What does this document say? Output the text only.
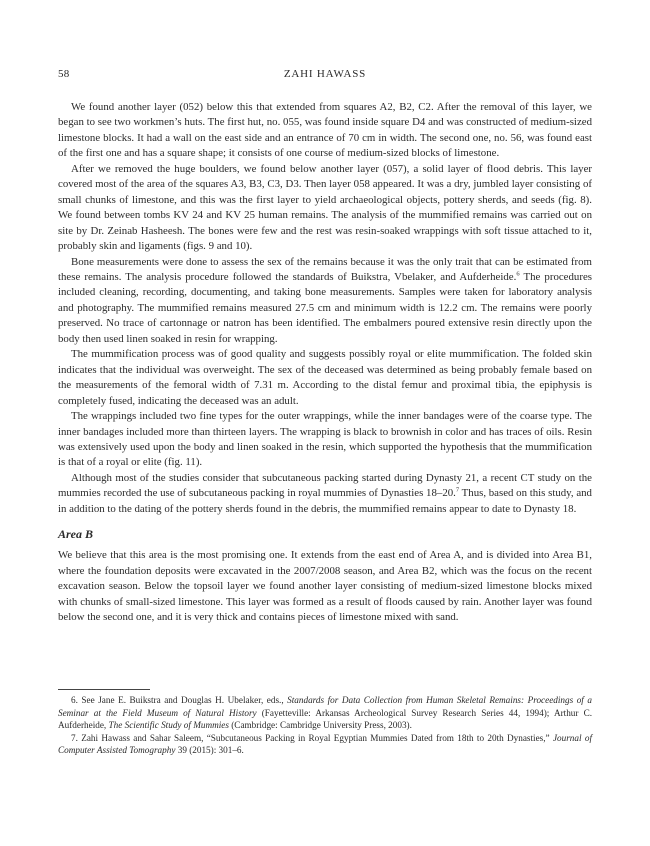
58	ZAHI HAWASS

We found another layer (052) below this that extended from squares A2, B2, C2. After the removal of this layer, we began to see two workmen’s huts. The first hut, no. 055, was found inside square D4 and was constructed of medium-sized limestone blocks. It had a wall on the east side and an entrance of 70 cm in width. The second one, no. 56, was found east of the first one and has a square shape; it consists of one course of medium-sized blocks of limestone.

After we removed the huge boulders, we found below another layer (057), a solid layer of flood debris. This layer covered most of the area of the squares A3, B3, C3, D3. Then layer 058 appeared. It was a dry, jumbled layer consisting of small chunks of limestone, and this was the first layer to yield archaeological objects, pottery sherds, and seeds (fig. 8). We found between tombs KV 24 and KV 25 human remains. The analysis of the mummified remains was carried out on site by Dr. Zeinab Hasheesh. The bones were few and the rest was resin-soaked wrappings with soft tissue attached to it, probably skin and ligaments (figs. 9 and 10).

Bone measurements were done to assess the sex of the remains because it was the only trait that can be estimated from these remains. The analysis procedure followed the standards of Buikstra, Vbelaker, and Aufderheide.$^6$ The procedures included cleaning, recording, documenting, and taking bone measurements. Samples were taken for laboratory analysis and photography. The mummified remains measured 27.5 cm and minimum width is 12.2 cm. The remains were poorly preserved. No trace of cartonnage or natron has been identified. The embalmers poured extensive resin directly upon the body then used linen soaked in resin for wrapping.

The mummification process was of good quality and suggests possibly royal or elite mummification. The folded skin indicates that the individual was overweight. The sex of the deceased was determined as being probably female based on the measurements of the femoral width of 7.31 m. According to the distal femur and proximal tibia, the epiphysis is completely fused, indicating the deceased was an adult.

The wrappings included two fine types for the outer wrappings, while the inner bandages were of the coarse type. The inner bandages included more than thirteen layers. The wrapping is black to brownish in color and has traces of oils. Resin was extensively used upon the body and linen soaked in the resin, which supported the hypothesis that the mummification is that of a royal or elite (fig. 11).

Although most of the studies consider that subcutaneous packing started during Dynasty 21, a recent CT study on the mummies recorded the use of subcutaneous packing in royal mummies of Dynasties 18–20.$^7$ Thus, based on this study, and in addition to the dating of the pottery sherds found in the debris, the mummified remains appear to date to Dynasty 18.

Area B

We believe that this area is the most promising one. It extends from the east end of Area A, and is divided into Area B1, where the foundation deposits were excavated in the 2007/2008 season, and Area B2, which was the focus on the recent excavation season. Below the topsoil layer we found another layer consisting of medium-sized limestone blocks mixed with chunks of small-sized limestone. This layer was formed as a result of floods caused by rain. Another layer was found below the second one, and it is very thick and contains pieces of limestone mixed with sand.

6. See Jane E. Buikstra and Douglas H. Ubelaker, eds., Standards for Data Collection from Human Skeletal Remains: Proceedings of a Seminar at the Field Museum of Natural History (Fayetteville: Arkansas Archeological Survey Research Series 44, 1994); Arthur C. Aufderheide, The Scientific Study of Mummies (Cambridge: Cambridge University Press, 2003).

7. Zahi Hawass and Sahar Saleem, “Subcutaneous Packing in Royal Egyptian Mummies Dated from 18th to 20th Dynasties,” Journal of Computer Assisted Tomography 39 (2015): 301–6.
